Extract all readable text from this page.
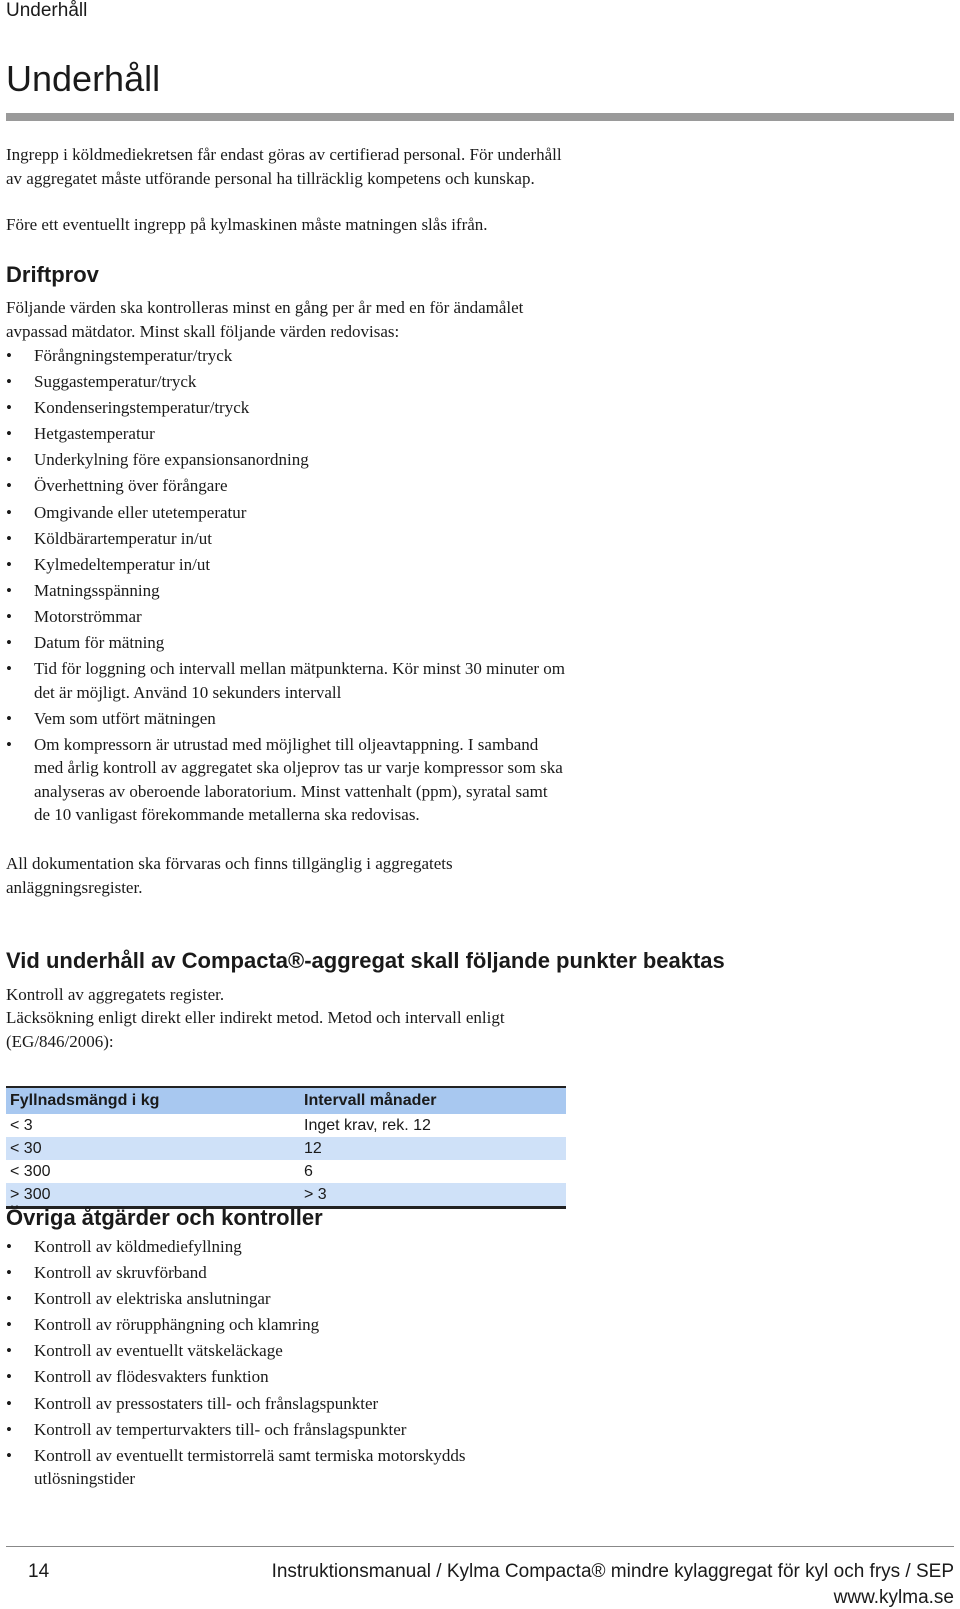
Underhåll
Underhåll

Ingrepp i köldmediekretsen får endast göras av certifierad personal. För underhåll av aggregatet måste utförande personal ha tillräcklig kompetens och kunskap.

Före ett eventuellt ingrepp på kylmaskinen måste matningen slås ifrån.

Driftprov

Följande värden ska kontrolleras minst en gång per år med en för ändamålet avpassad mätdator. Minst skall följande värden redovisas:

• Förångningstemperatur/tryck
• Suggastemperatur/tryck
• Kondenseringstemperatur/tryck
• Hetgastemperatur
• Underkylning före expansionsanordning
• Överhettning över förångare
• Omgivande eller utetemperatur
• Köldbärartemperatur in/ut
• Kylmedeltemperatur in/ut
• Matningsspänning
• Motorströmmar
• Datum för mätning
• Tid för loggning och intervall mellan mätpunkterna. Kör minst 30 minuter om det är möjligt. Använd 10 sekunders intervall
• Vem som utfört mätningen
• Om kompressorn är utrustad med möjlighet till oljeavtappning. I samband med årlig kontroll av aggregatet ska oljeprov tas ur varje kompressor som ska analyseras av oberoende laboratorium. Minst vattenhalt (ppm), syratal samt de 10 vanligast förekommande metallerna ska redovisas.

All dokumentation ska förvaras och finns tillgänglig i aggregatets anläggningsregister.

Vid underhåll av Compacta®-aggregat skall följande punkter beaktas

Kontroll av aggregatets register.

Läcksökning enligt direkt eller indirekt metod. Metod och intervall enligt (EG/846/2006):

Fyllnadsmängd i kg	Intervall månader
< 3	Inget krav, rek. 12
< 30	12
< 300	6
> 300	> 3
Övriga åtgärder och kontroller
• Kontroll av köldmediefyllning
• Kontroll av skruvförband
• Kontroll av elektriska anslutningar
• Kontroll av rörupphängning och klamring
• Kontroll av eventuellt vätskeläckage
• Kontroll av flödesvakters funktion
• Kontroll av pressostaters till- och frånslagspunkter
• Kontroll av temperturvakters till- och frånslagspunkter
• Kontroll av eventuellt termistorrelä samt termiska motorskydds utlösningstider
14	Instruktionsmanual / Kylma Compacta® mindre kylaggregat för kyl och frys / SEP
www.kylma.se
